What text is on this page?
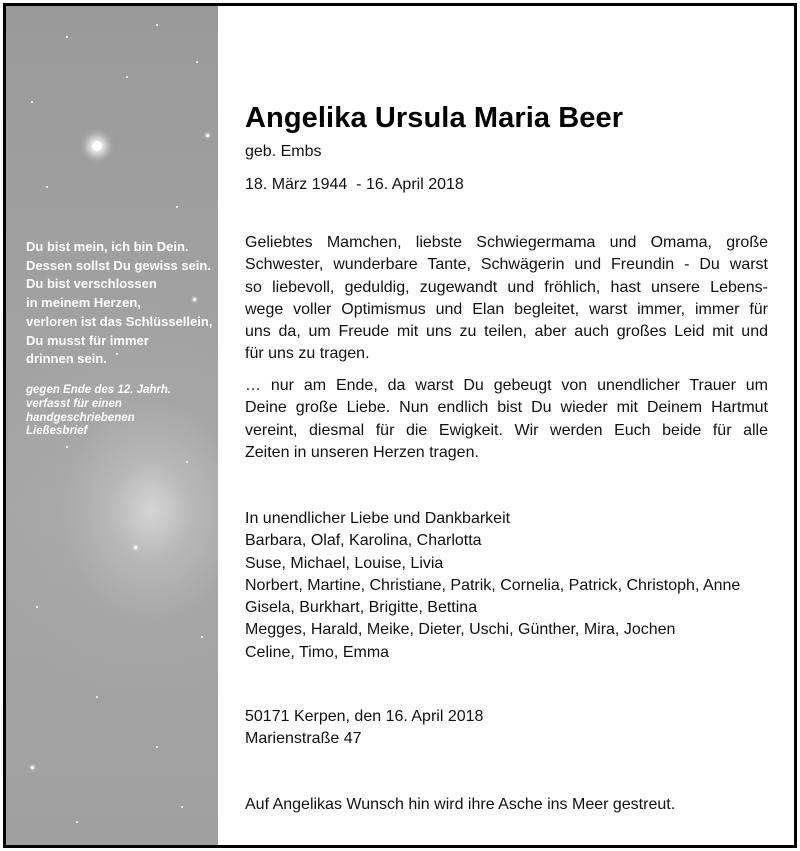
Du bist mein, ich bin Dein.
Dessen sollst Du gewiss sein.
Du bist verschlossen
in meinem Herzen,
verloren ist das Schlüssellein,
Du musst für immer
drinnen sein.
gegen Ende des 12. Jahrh.
verfasst für einen
handgeschriebenen
Ließesbrief
Angelika Ursula Maria Beer
geb. Embs
18. März 1944  - 16. April 2018
Geliebtes Mamchen, liebste Schwiegermama und Omama, große
Schwester, wunderbare Tante, Schwägerin und Freundin - Du warst
so liebevoll, geduldig, zugewandt und fröhlich, hast unsere Lebens-
wege voller Optimismus und Elan begleitet, warst immer, immer für
uns da, um Freude mit uns zu teilen, aber auch großes Leid mit und
für uns zu tragen.
… nur am Ende, da warst Du gebeugt von unendlicher Trauer um
Deine große Liebe. Nun endlich bist Du wieder mit Deinem Hartmut
vereint, diesmal für die Ewigkeit. Wir werden Euch beide für alle
Zeiten in unseren Herzen tragen.
In unendlicher Liebe und Dankbarkeit
Barbara, Olaf, Karolina, Charlotta
Suse, Michael, Louise, Livia
Norbert, Martine, Christiane, Patrik, Cornelia, Patrick, Christoph, Anne
Gisela, Burkhart, Brigitte, Bettina
Megges, Harald, Meike, Dieter, Uschi, Günther, Mira, Jochen
Celine, Timo, Emma
50171 Kerpen, den 16. April 2018
Marienstraße 47
Auf Angelikas Wunsch hin wird ihre Asche ins Meer gestreut.
